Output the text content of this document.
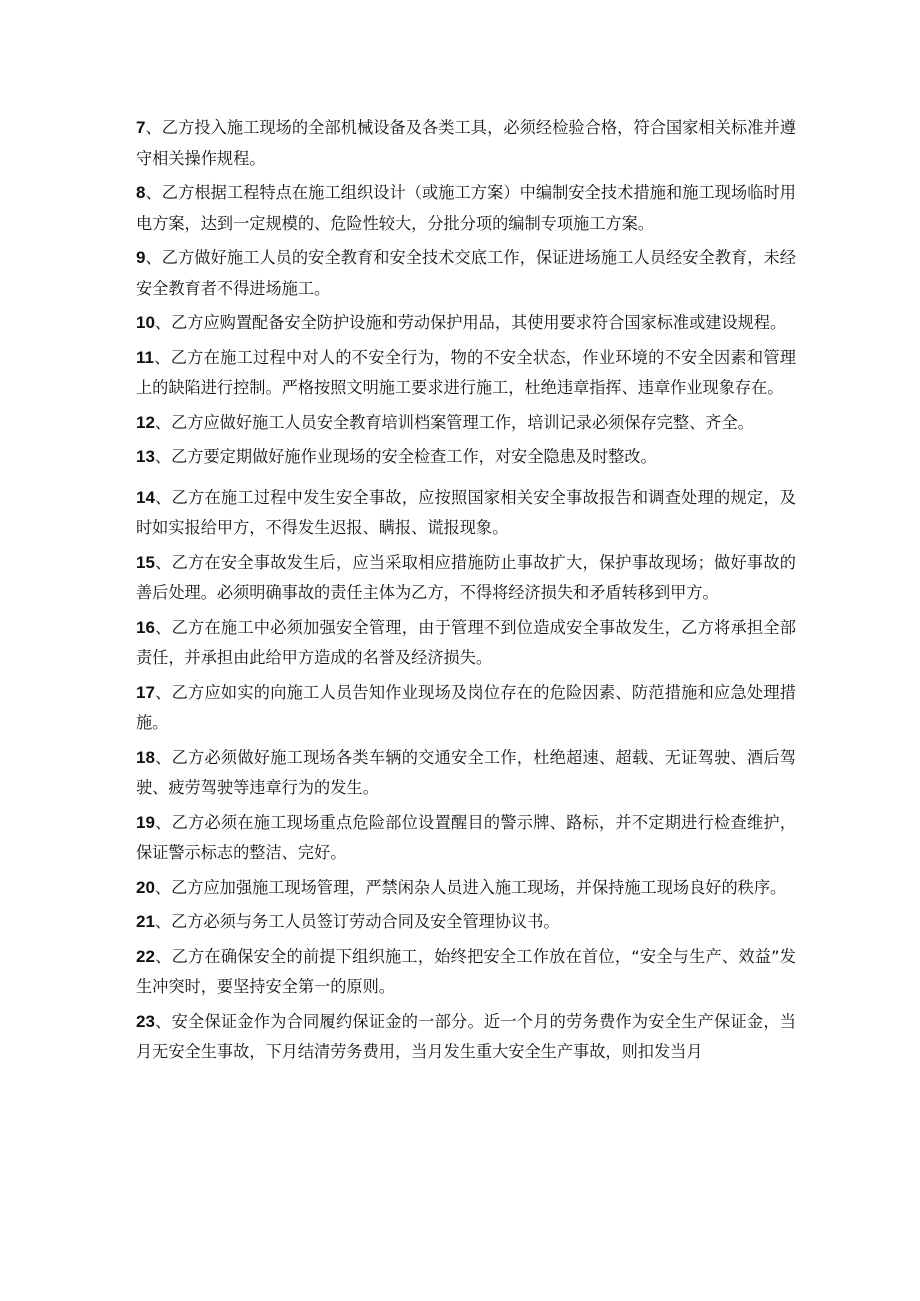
7、乙方投入施工现场的全部机械设备及各类工具，必须经检验合格，符合国家相关标准并遵守相关操作规程。

8、乙方根据工程特点在施工组织设计（或施工方案）中编制安全技术措施和施工现场临时用电方案，达到一定规模的、危险性较大，分批分项的编制专项施工方案。

9、乙方做好施工人员的安全教育和安全技术交底工作，保证进场施工人员经安全教育，未经安全教育者不得进场施工。

10、乙方应购置配备安全防护设施和劳动保护用品，其使用要求符合国家标准或建设规程。

11、乙方在施工过程中对人的不安全行为，物的不安全状态，作业环境的不安全因素和管理上的缺陷进行控制。严格按照文明施工要求进行施工，杜绝违章指挥、违章作业现象存在。

12、乙方应做好施工人员安全教育培训档案管理工作，培训记录必须保存完整、齐全。

13、乙方要定期做好施作业现场的安全检查工作，对安全隐患及时整改。

14、乙方在施工过程中发生安全事故，应按照国家相关安全事故报告和调查处理的规定，及时如实报给甲方，不得发生迟报、瞒报、谎报现象。

15、乙方在安全事故发生后，应当采取相应措施防止事故扩大，保护事故现场；做好事故的善后处理。必须明确事故的责任主体为乙方，不得将经济损失和矛盾转移到甲方。

16、乙方在施工中必须加强安全管理，由于管理不到位造成安全事故发生，乙方将承担全部责任，并承担由此给甲方造成的名誉及经济损失。

17、乙方应如实的向施工人员告知作业现场及岗位存在的危险因素、防范措施和应急处理措施。

18、乙方必须做好施工现场各类车辆的交通安全工作，杜绝超速、超载、无证驾驶、酒后驾驶、疲劳驾驶等违章行为的发生。

19、乙方必须在施工现场重点危险部位设置醒目的警示牌、路标，并不定期进行检查维护，保证警示标志的整洁、完好。

20、乙方应加强施工现场管理，严禁闲杂人员进入施工现场，并保持施工现场良好的秩序。

21、乙方必须与务工人员签订劳动合同及安全管理协议书。

22、乙方在确保安全的前提下组织施工，始终把安全工作放在首位，“安全与生产、效益”发生冲突时，要坚持安全第一的原则。

23、安全保证金作为合同履约保证金的一部分。近一个月的劳务费作为安全生产保证金，当月无安全生事故，下月结清劳务费用，当月发生重大安全生产事故，则扣发当月
